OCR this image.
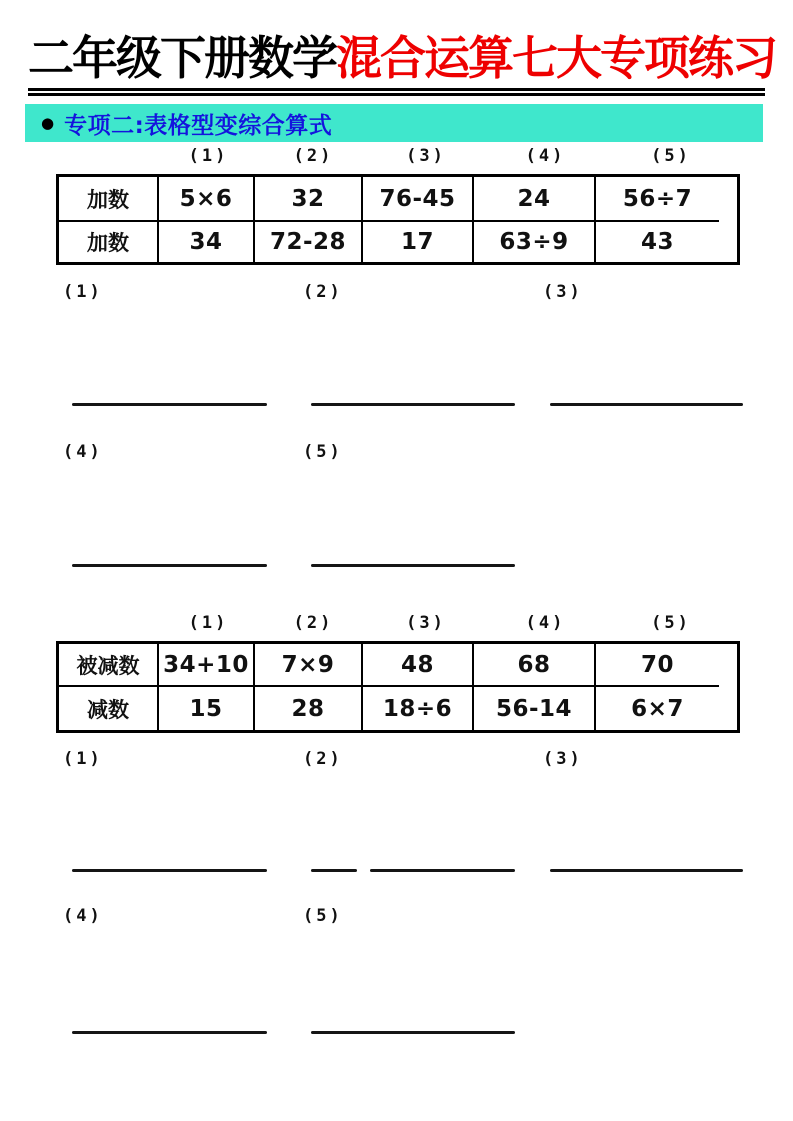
二年级下册数学混合运算七大专项练习
● 专项二:表格型变综合算式
(1)	(2)	(3)	(4)	(5)
加数	5×6	32	76-45	24	56÷7
加数	34	72-28	17	63÷9	43
(1)	(2)	(3)
(4)	(5)
(1)	(2)	(3)	(4)	(5)
被减数	34+10	7×9	48	68	70
减数	15	28	18÷6	56-14	6×7
(1)	(2)	(3)
(4)	(5)
